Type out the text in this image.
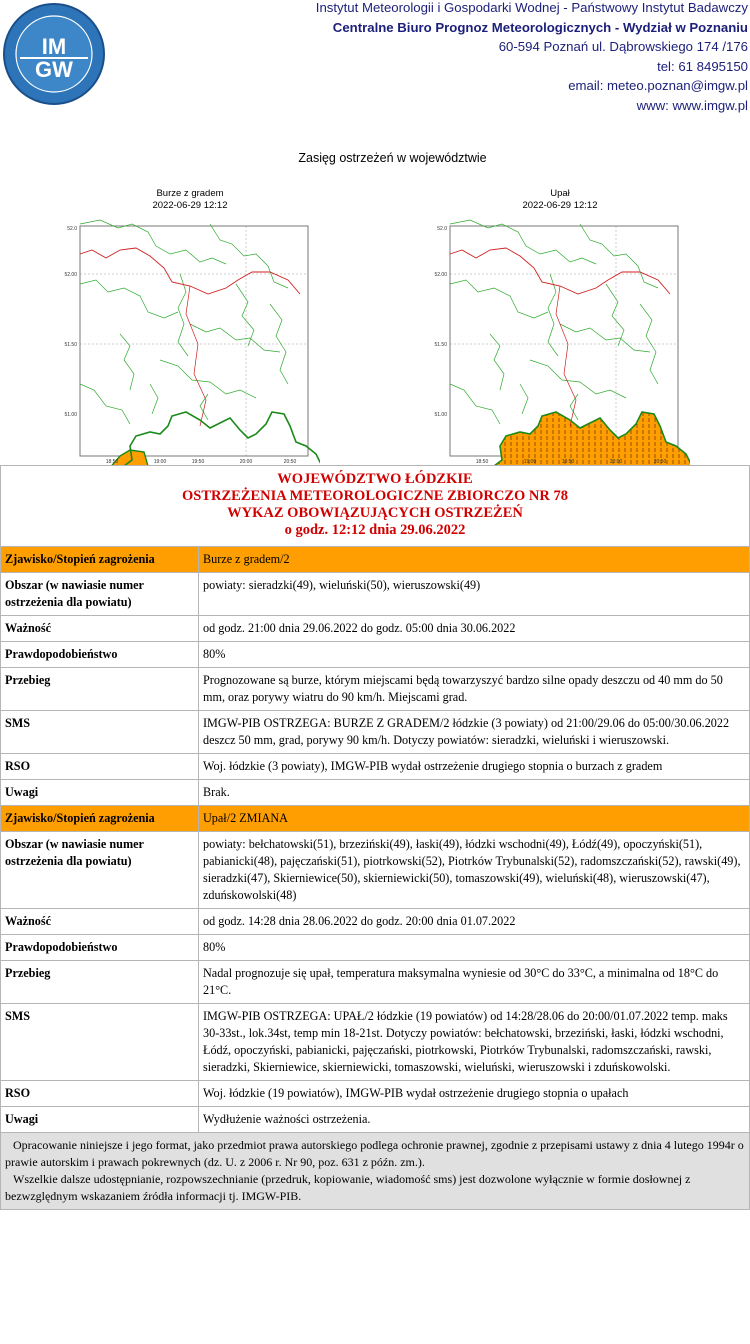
IM
GW
Instytut Meteorologii i Gospodarki Wodnej - Państwowy Instytut Badawczy
Centralne Biuro Prognoz Meteorologicznych - Wydział w Poznaniu
60-594 Poznań ul. Dąbrowskiego 174 /176
tel: 61 8495150
email: meteo.poznan@imgw.pl
www: www.imgw.pl
Zasięg ostrzeżeń w województwie
Burze z gradem
2022-06-29 12:12
52.0
52.00
51.50
51.00
18:50	19:00	19:50	20:00	20:50
Upał
2022-06-29 12:12
52.0
52.00
51.50
51.00
18:50	19:00	19:50	20:00	20:50
WOJEWÓDZTWO ŁÓDZKIE
OSTRZEŻENIA METEOROLOGICZNE ZBIORCZO NR 78
WYKAZ OBOWIĄZUJĄCYCH OSTRZEŻEŃ
o godz. 12:12 dnia 29.06.2022	

Zjawisko/Stopień zagrożenia	Burze z gradem/2
Obszar (w nawiasie numer ostrzeżenia dla powiatu)	powiaty: sieradzki(49), wieluński(50), wieruszowski(49)
Ważność	od godz. 21:00 dnia 29.06.2022 do godz. 05:00 dnia 30.06.2022
Prawdopodobieństwo	80%
Przebieg	Prognozowane są burze, którym miejscami będą towarzyszyć bardzo silne opady deszczu od 40 mm do 50 mm, oraz porywy wiatru do 90 km/h. Miejscami grad.
SMS	IMGW-PIB OSTRZEGA: BURZE Z GRADEM/2 łódzkie (3 powiaty) od 21:00/29.06 do 05:00/30.06.2022 deszcz 50 mm, grad, porywy 90 km/h. Dotyczy powiatów: sieradzki, wieluński i wieruszowski.
RSO	Woj. łódzkie (3 powiaty), IMGW-PIB wydał ostrzeżenie drugiego stopnia o burzach z gradem
Uwagi	Brak.
Zjawisko/Stopień zagrożenia	Upał/2 ZMIANA
Obszar (w nawiasie numer ostrzeżenia dla powiatu)	powiaty: bełchatowski(51), brzeziński(49), łaski(49), łódzki wschodni(49), Łódź(49), opoczyński(51), pabianicki(48), pajęczański(51), piotrkowski(52), Piotrków Trybunalski(52), radomszczański(52), rawski(49), sieradzki(47), Skierniewice(50), skierniewicki(50), tomaszowski(49), wieluński(48), wieruszowski(47), zduńskowolski(48)
Ważność	od godz. 14:28 dnia 28.06.2022 do godz. 20:00 dnia 01.07.2022
Prawdopodobieństwo	80%
Przebieg	Nadal prognozuje się upał, temperatura maksymalna wyniesie od 30°C do 33°C, a minimalna od 18°C do 21°C.
SMS	IMGW-PIB OSTRZEGA: UPAŁ/2 łódzkie (19 powiatów) od 14:28/28.06 do 20:00/01.07.2022 temp. maks 30-33st., lok.34st, temp min 18-21st. Dotyczy powiatów: bełchatowski, brzeziński, łaski, łódzki wschodni, Łódź, opoczyński, pabianicki, pajęczański, piotrkowski, Piotrków Trybunalski, radomszczański, rawski, sieradzki, Skierniewice, skierniewicki, tomaszowski, wieluński, wieruszowski i zduńskowolski.
RSO	Woj. łódzkie (19 powiatów), IMGW-PIB wydał ostrzeżenie drugiego stopnia o upałach
Uwagi	Wydłużenie ważności ostrzeżenia.

Opracowanie niniejsze i jego format, jako przedmiot prawa autorskiego podlega ochronie prawnej, zgodnie z przepisami ustawy z dnia 4 lutego 1994r o prawie autorskim i prawach pokrewnych (dz. U. z 2006 r. Nr 90, poz. 631 z późn. zm.).

Wszelkie dalsze udostępnianie, rozpowszechnianie (przedruk, kopiowanie, wiadomość sms) jest dozwolone wyłącznie w formie dosłownej z bezwzględnym wskazaniem źródła informacji tj. IMGW-PIB.	
